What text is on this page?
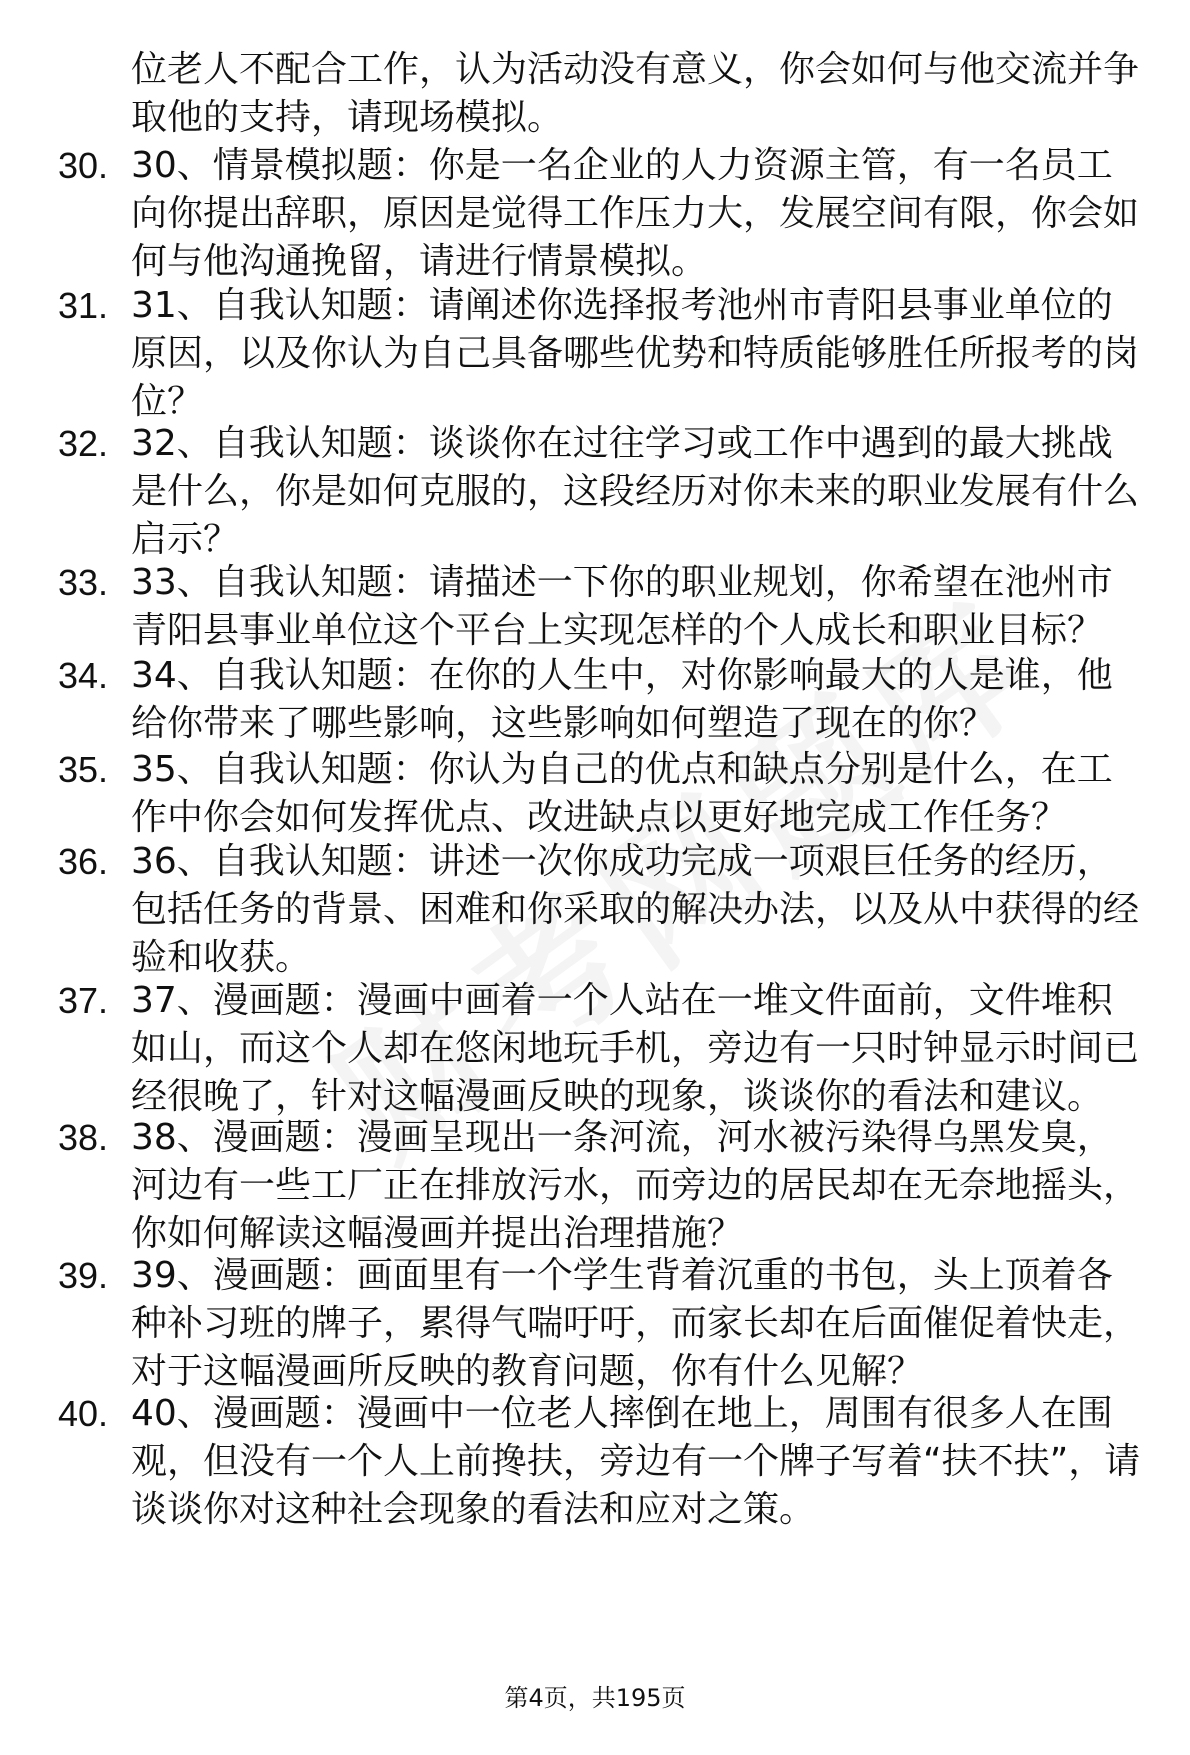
位老人不配合工作，认为活动没有意义，你会如何与他交流并争取他的支持，请现场模拟。
30. 30、情景模拟题：你是一名企业的人力资源主管，有一名员工向你提出辞职，原因是觉得工作压力大，发展空间有限，你会如何与他沟通挽留，请进行情景模拟。
31. 31、自我认知题：请阐述你选择报考池州市青阳县事业单位的原因，以及你认为自己具备哪些优势和特质能够胜任所报考的岗位？
32. 32、自我认知题：谈谈你在过往学习或工作中遇到的最大挑战是什么，你是如何克服的，这段经历对你未来的职业发展有什么启示？
33. 33、自我认知题：请描述一下你的职业规划，你希望在池州市青阳县事业单位这个平台上实现怎样的个人成长和职业目标？
34. 34、自我认知题：在你的人生中，对你影响最大的人是谁，他给你带来了哪些影响，这些影响如何塑造了现在的你？
35. 35、自我认知题：你认为自己的优点和缺点分别是什么，在工作中你会如何发挥优点、改进缺点以更好地完成工作任务？
36. 36、自我认知题：讲述一次你成功完成一项艰巨任务的经历，包括任务的背景、困难和你采取的解决办法，以及从中获得的经验和收获。
37. 37、漫画题：漫画中画着一个人站在一堆文件面前，文件堆积如山，而这个人却在悠闲地玩手机，旁边有一只时钟显示时间已经很晚了，针对这幅漫画反映的现象，谈谈你的看法和建议。
38. 38、漫画题：漫画呈现出一条河流，河水被污染得乌黑发臭，河边有一些工厂正在排放污水，而旁边的居民却在无奈地摇头，你如何解读这幅漫画并提出治理措施？
39. 39、漫画题：画面里有一个学生背着沉重的书包，头上顶着各种补习班的牌子，累得气喘吁吁，而家长却在后面催促着快走，对于这幅漫画所反映的教育问题，你有什么见解？
40. 40、漫画题：漫画中一位老人摔倒在地上，周围有很多人在围观，但没有一个人上前搀扶，旁边有一个牌子写着“扶不扶”，请谈谈你对这种社会现象的看法和应对之策。
第4页，共195页
